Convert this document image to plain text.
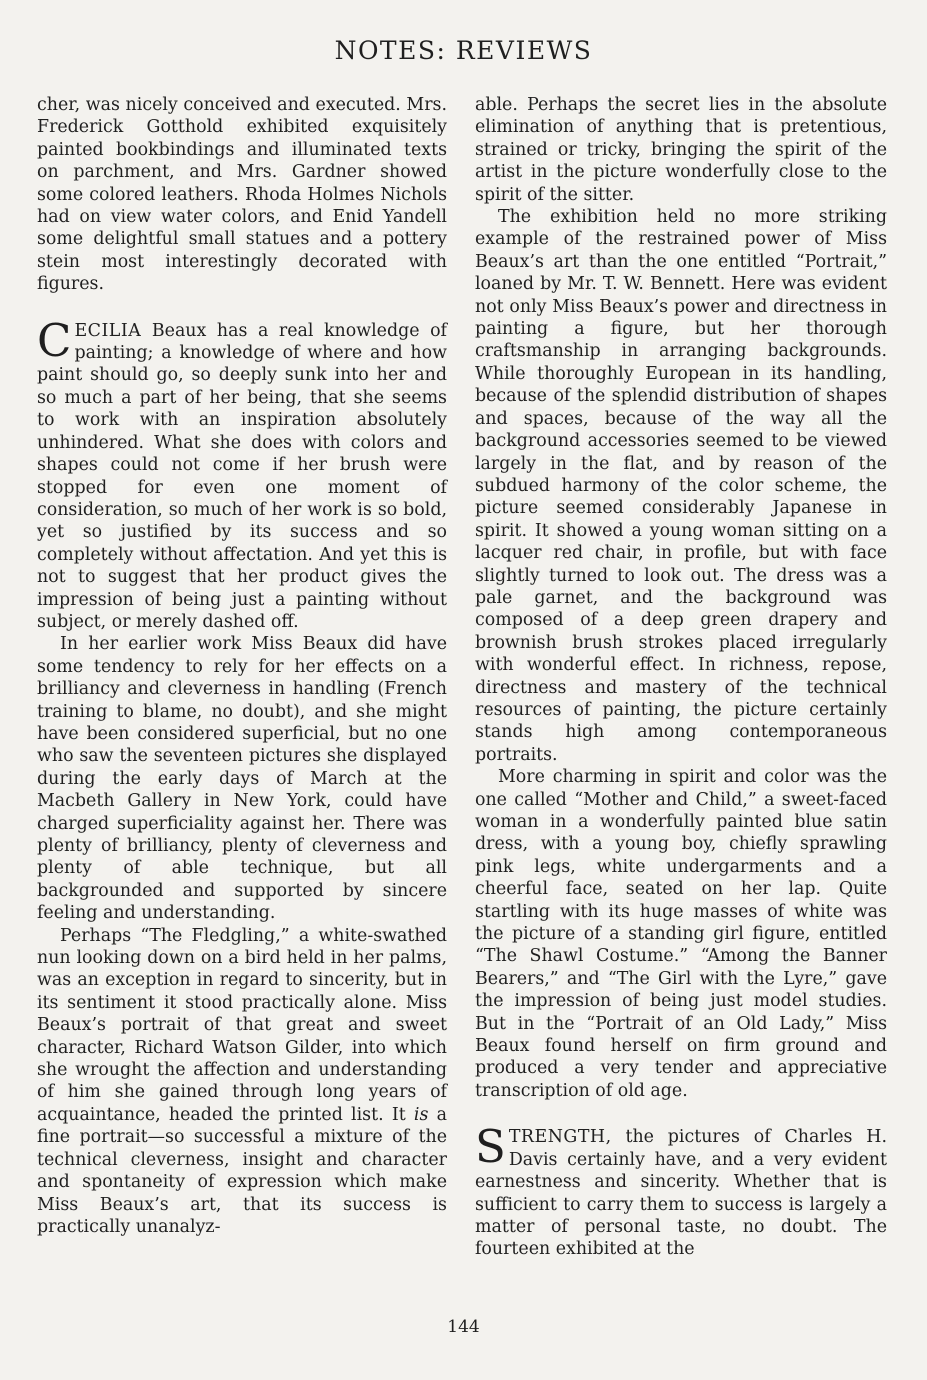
NOTES: REVIEWS

cher, was nicely conceived and executed. Mrs. Frederick Gotthold exhibited exquisitely painted bookbindings and illuminated texts on parchment, and Mrs. Gardner showed some colored leathers. Rhoda Holmes Nichols had on view water colors, and Enid Yandell some delightful small statues and a pottery stein most interestingly decorated with figures.

CECILIA Beaux has a real knowledge of painting; a knowledge of where and how paint should go, so deeply sunk into her and so much a part of her being, that she seems to work with an inspiration absolutely unhindered. What she does with colors and shapes could not come if her brush were stopped for even one moment of consideration, so much of her work is so bold, yet so justified by its success and so completely without affectation. And yet this is not to suggest that her product gives the impression of being just a painting without subject, or merely dashed off.

In her earlier work Miss Beaux did have some tendency to rely for her effects on a brilliancy and cleverness in handling (French training to blame, no doubt), and she might have been considered superficial, but no one who saw the seventeen pictures she displayed during the early days of March at the Macbeth Gallery in New York, could have charged superficiality against her. There was plenty of brilliancy, plenty of cleverness and plenty of able technique, but all backgrounded and supported by sincere feeling and understanding.

Perhaps “The Fledgling,” a white-swathed nun looking down on a bird held in her palms, was an exception in regard to sincerity, but in its sentiment it stood practically alone. Miss Beaux’s portrait of that great and sweet character, Richard Watson Gilder, into which she wrought the affection and understanding of him she gained through long years of acquaintance, headed the printed list. It is a fine portrait—so successful a mixture of the technical cleverness, insight and character and spontaneity of expression which make Miss Beaux’s art, that its success is practically unanalyz-

able. Perhaps the secret lies in the absolute elimination of anything that is pretentious, strained or tricky, bringing the spirit of the artist in the picture wonderfully close to the spirit of the sitter.

The exhibition held no more striking example of the restrained power of Miss Beaux’s art than the one entitled “Portrait,” loaned by Mr. T. W. Bennett. Here was evident not only Miss Beaux’s power and directness in painting a figure, but her thorough craftsmanship in arranging backgrounds. While thoroughly European in its handling, because of the splendid distribution of shapes and spaces, because of the way all the background accessories seemed to be viewed largely in the flat, and by reason of the subdued harmony of the color scheme, the picture seemed considerably Japanese in spirit. It showed a young woman sitting on a lacquer red chair, in profile, but with face slightly turned to look out. The dress was a pale garnet, and the background was composed of a deep green drapery and brownish brush strokes placed irregularly with wonderful effect. In richness, repose, directness and mastery of the technical resources of painting, the picture certainly stands high among contemporaneous portraits.

More charming in spirit and color was the one called “Mother and Child,” a sweet-faced woman in a wonderfully painted blue satin dress, with a young boy, chiefly sprawling pink legs, white undergarments and a cheerful face, seated on her lap. Quite startling with its huge masses of white was the picture of a standing girl figure, entitled “The Shawl Costume.” “Among the Banner Bearers,” and “The Girl with the Lyre,” gave the impression of being just model studies. But in the “Portrait of an Old Lady,” Miss Beaux found herself on firm ground and produced a very tender and appreciative transcription of old age.

STRENGTH, the pictures of Charles H. Davis certainly have, and a very evident earnestness and sincerity. Whether that is sufficient to carry them to success is largely a matter of personal taste, no doubt. The fourteen exhibited at the

144
